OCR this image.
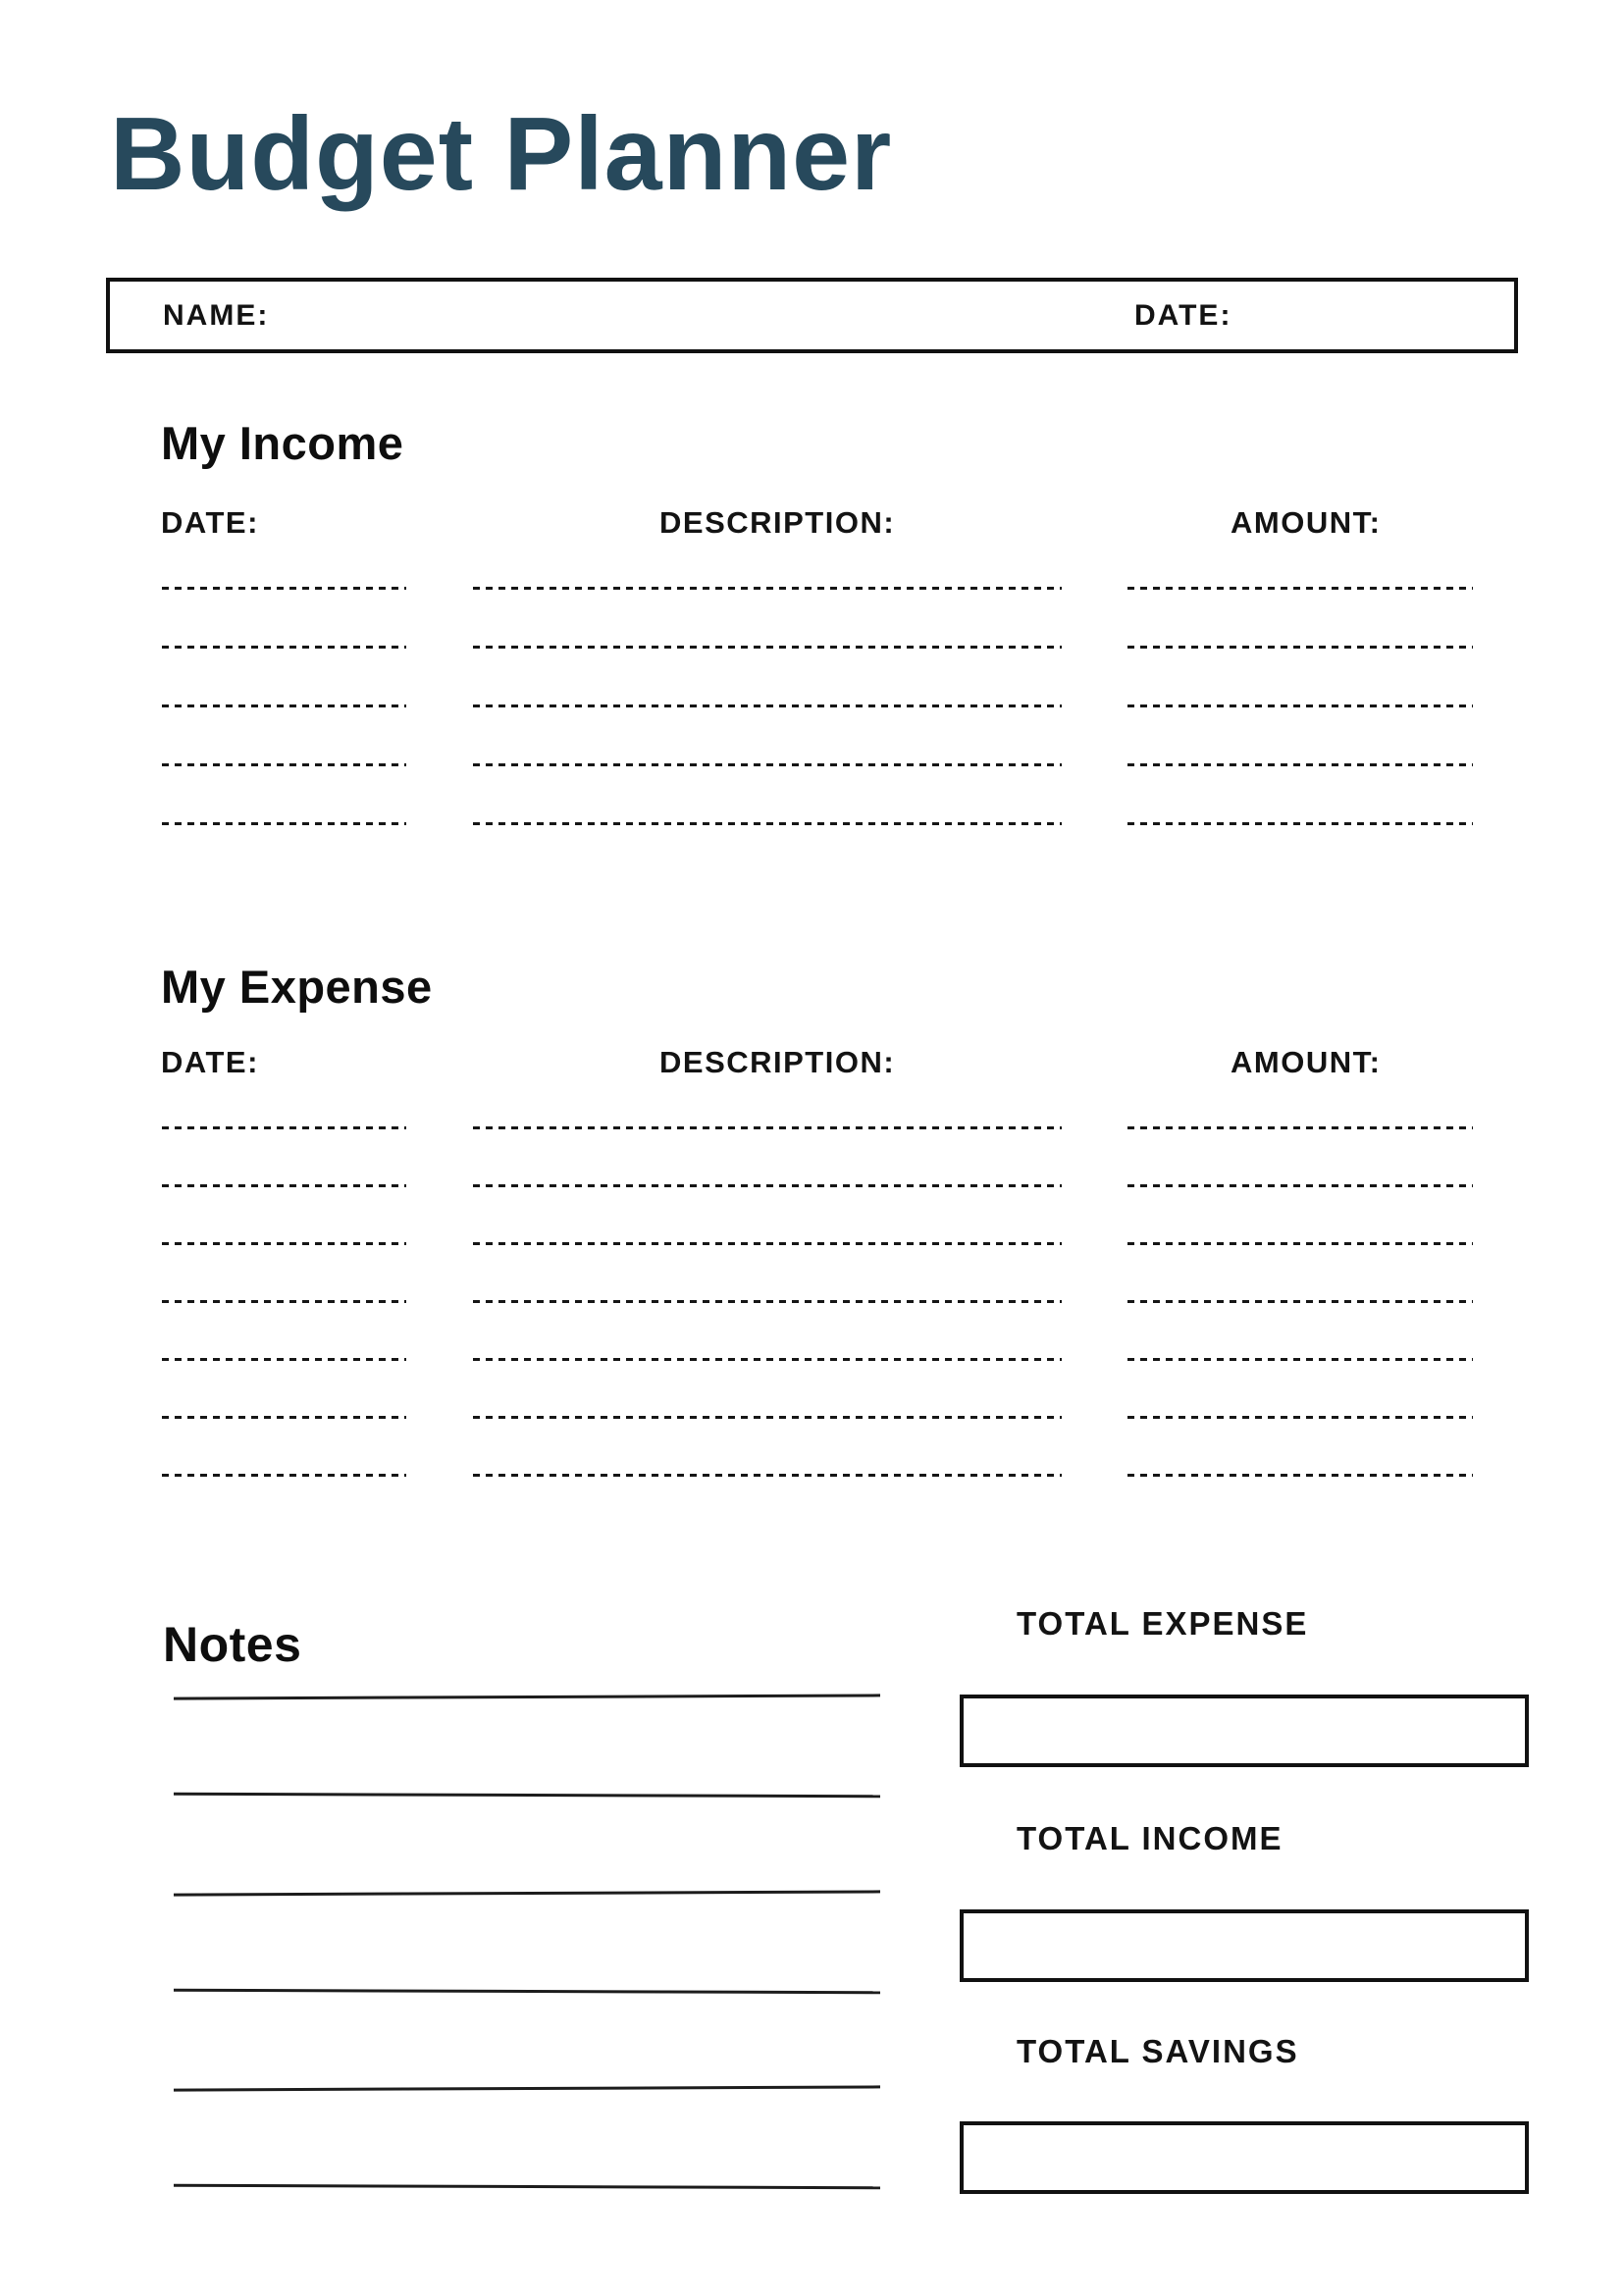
Budget Planner
NAME:	DATE:
My Income
DATE:	DESCRIPTION:	AMOUNT:
My Expense
DATE:	DESCRIPTION:	AMOUNT:
Notes	TOTAL EXPENSE
TOTAL INCOME
TOTAL SAVINGS
